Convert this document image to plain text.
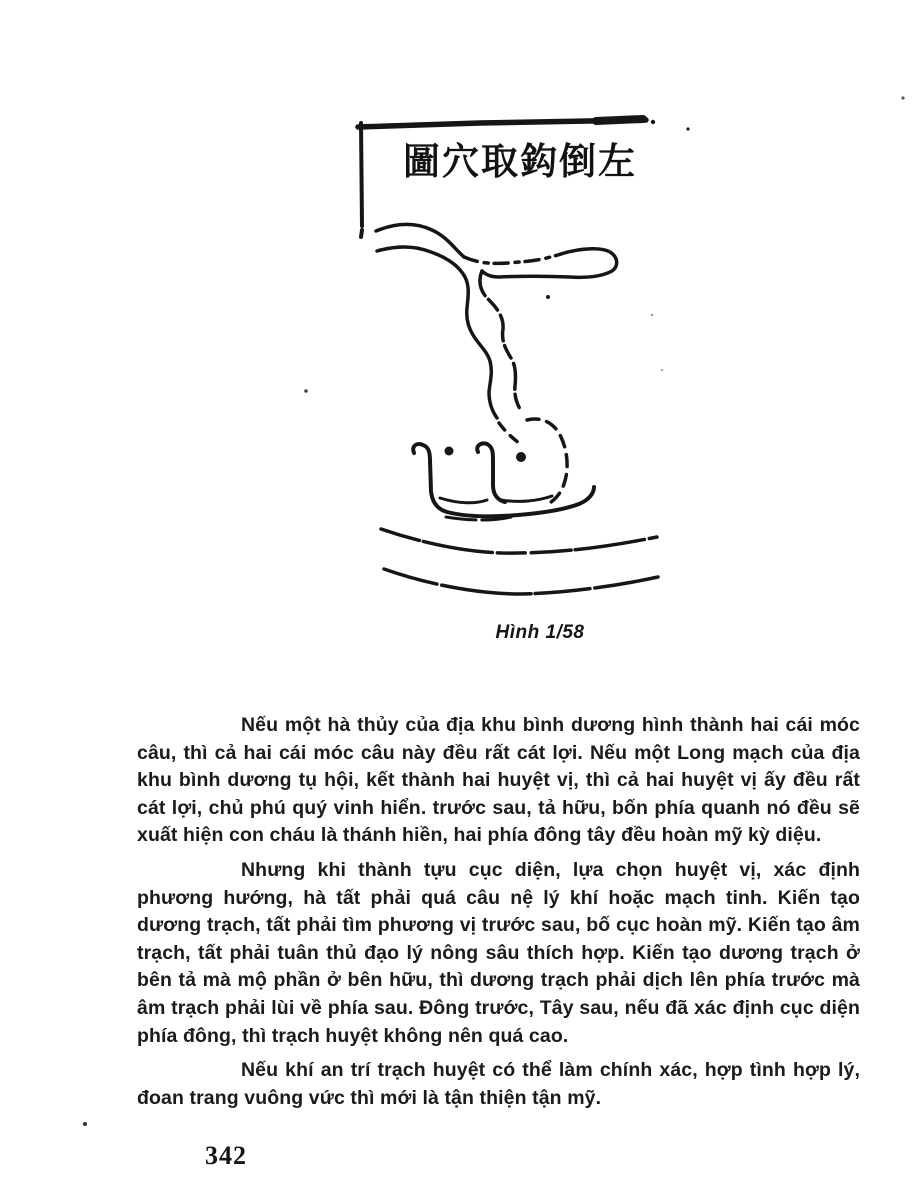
圖穴取鈎倒左
Hình 1/58

Nếu một hà thủy của địa khu bình dương hình thành hai cái móc câu, thì cả hai cái móc câu này đều rất cát lợi. Nếu một Long mạch của địa khu bình dương tụ hội, kết thành hai huyệt vị, thì cả hai huyệt vị ấy đều rất cát lợi, chủ phú quý vinh hiển. trước sau, tả hữu, bốn phía quanh nó đều sẽ xuất hiện con cháu là thánh hiền, hai phía đông tây đều hoàn mỹ kỳ diệu.

Nhưng khi thành tựu cục diện, lựa chọn huyệt vị, xác định phương hướng, hà tất phải quá câu nệ lý khí hoặc mạch tinh. Kiến tạo dương trạch, tất phải tìm phương vị trước sau, bố cục hoàn mỹ. Kiến tạo âm trạch, tất phải tuân thủ đạo lý nông sâu thích hợp. Kiến tạo dương trạch ở bên tả mà mộ phần ở bên hữu, thì dương trạch phải dịch lên phía trước mà âm trạch phải lùi về phía sau. Đông trước, Tây sau, nếu đã xác định cục diện phía đông, thì trạch huyệt không nên quá cao.

Nếu khí an trí trạch huyệt có thể làm chính xác, hợp tình hợp lý, đoan trang vuông vức thì mới là tận thiện tận mỹ.

342
